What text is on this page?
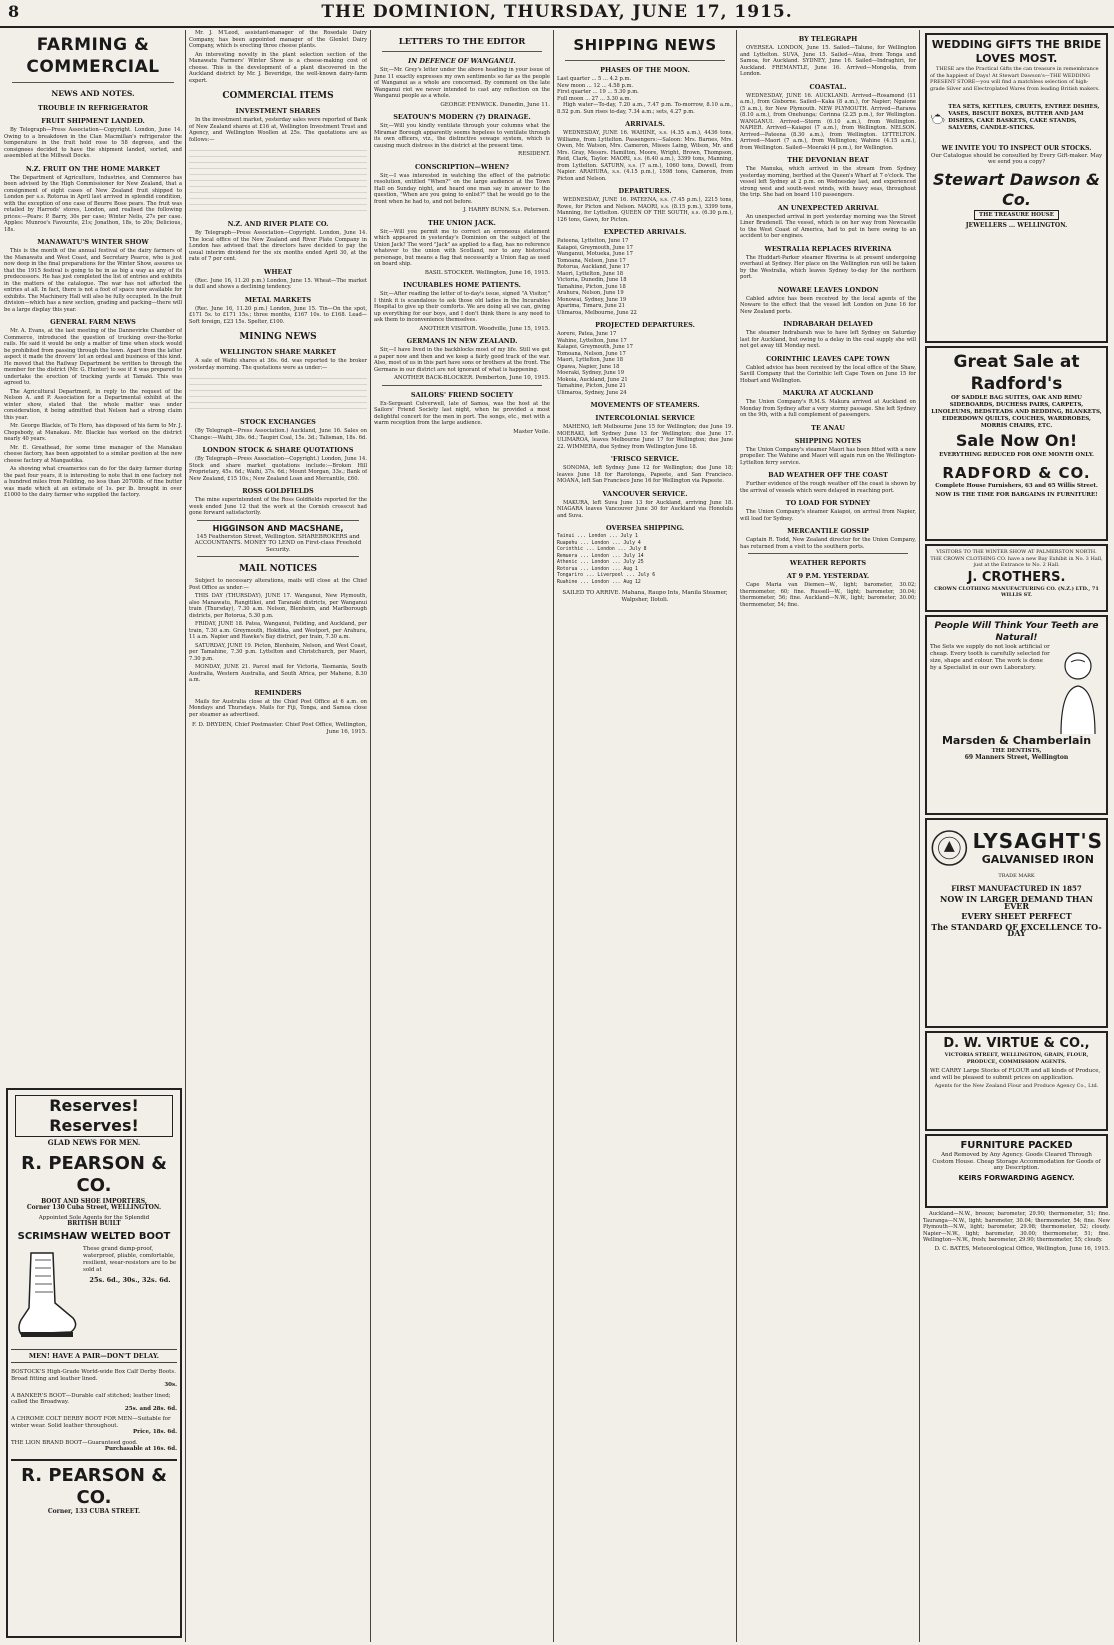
8	THE DOMINION, THURSDAY, JUNE 17, 1915.
FARMING & COMMERCIAL
NEWS AND NOTES.
TROUBLE IN REFRIGERATOR
FRUIT SHIPMENT LANDED.

By Telegraph—Press Association—Copyright. London, June 14. Owing to a breakdown in the Clan Macmillan's refrigerator the temperature in the fruit hold rose to 58 degrees, and the consignees decided to have the shipment landed, sorted, and assembled at the Millwall Docks.

N.Z. FRUIT ON THE HOME MARKET

The Department of Agriculture, Industries, and Commerce has been advised by the High Commissioner for New Zealand, that a consignment of eight cases of New Zealand fruit shipped to London per s.s. Rotorua in April last arrived in splendid condition, with the exception of one case of Beurre Bose pears. The fruit was retailed by Harrods' stores, London, and realised the following prices:—Pears: P. Barry, 30s per case; Winter Nelis, 27s per case. Apples: Munroe's Favourite, 21s; Jonathon, 18s, to 20s; Delicious, 18s.

MANAWATU'S WINTER SHOW

This is the month of the annual festival of the dairy farmers of the Manawatu and West Coast, and Secretary Pearce, who is just now deep in the final preparations for the Winter Show, assures us that the 1915 festival is going to be in as big a way as any of its predecessors. He has just completed the list of entries and exhibits in the matters of the catalogue. The war has not affected the entries at all. In fact, there is not a foot of space now available for exhibits. The Machinery Hall will also be fully occupied. In the fruit division—which has a new section, grading and packing—there will be a large display this year.

GENERAL FARM NEWS

Mr. A. Evans, at the last meeting of the Dannevirke Chamber of Commerce, introduced the question of trucking over-the-Yorke rails. He said it would be only a matter of time when stock would be prohibited from passing through the town. Apart from the latter aspect it made the drovers' lot an ordeal and business of this kind. He moved that the Railway Department be written to through the member for the district (Mr. G. Hunter) to see if it was prepared to undertake the erection of trucking yards at Tamaki. This was agreed to.

The Agricultural Department, in reply to the request of the Nelson A. and P. Association for a Departmental exhibit at the winter show, stated that the whole matter was under consideration, it being admitted that Nelson had a strong claim this year.

Mr. George Blackie, of Te Horo, has disposed of his farm to Mr. J. Chopsbody, at Manakau. Mr. Blackie has worked on the district nearly 40 years.

Mr. E. Greathead, for some time manager of the Manakau cheese factory, has been appointed to a similar position at the new cheese factory at Mangaotika.

As showing what creameries can do for the dairy farmer during the past four years, it is interesting to note that in one factory not a hundred miles from Feilding, no less than 20700lb. of fine butter was made which at an estimate of 1s. per lb. brought in over £1000 to the dairy farmer who supplied the factory.

Reserves! Reserves!
GLAD NEWS FOR MEN.
R. PEARSON & CO.
BOOT AND SHOE IMPORTERS,
Corner 130 Cuba Street, WELLINGTON.
Appointed Sole Agents for the Splendid
BRITISH BUILT
SCRIMSHAW WELTED BOOT
These grand damp-proof, waterproof, pliable, comfortable, resilient, wear-resistors are to be sold at
25s. 6d., 30s., 32s. 6d.
MEN! HAVE A PAIR—DON'T DELAY.
BOSTOCK'S High-Grade World-wide Box Calf Derby Boots. Broad fitting and leather lined.
30s.
A BANKER'S BOOT—Durable calf stitched; leather lined; called the Broadway.
25s. and 28s. 6d.
A CHROME COLT DERBY BOOT FOR MEN—Suitable for winter wear. Solid leather throughout.
Price, 18s. 6d.
THE LION BRAND BOOT—Guaranteed good.
Purchasable at 16s. 6d.
R. PEARSON & CO.
Corner, 133 CUBA STREET.

Mr. J. M'Leod, assistant-manager of the Rosedale Dairy Company, has been appointed manager of the Glenlet Dairy Company, which is erecting three cheese plants.

An interesting novelty in the plant selection section of the Manawatu Farmers' Winter Show is a cheese-making cost of cheese. This is the development of a plant discovered in the Auckland district by Mr. J. Beveridge, the well-known dairy-farm expert.

COMMERCIAL ITEMS
INVESTMENT SHARES

In the investment market, yesterday sales were reported of Bank of New Zealand shares at £16 at, Wellington Investment Trust and Agency, and Wellington Woollen at 25s. The quotations are as follows:—

N.Z. AND RIVER PLATE CO.

By Telegraph—Press Association—Copyright. London, June 14. The local office of the New Zealand and River Plate Company in London has advised that the directors have decided to pay the usual interim dividend for the six months ended April 30, at the rate of 7 per cent.

WHEAT

(Rec. June 16, 11.20 p.m.) London, June 15. Wheat—The market is dull and shows a declining tendency.

METAL MARKETS

(Rec. June 16, 11.20 p.m.) London, June 15. Tin—On the spot, £171 5s. to £171 15s.; three months, £167 10s. to £168. Lead—Soft foreign, £23 15s. Spelter, £100.

MINING NEWS
WELLINGTON SHARE MARKET

A sale of Waihi shares at 36s. 6d. was reported to the broker yesterday morning. The quotations were as under:—

STOCK EXCHANGES

(By Telegraph—Press Association.) Auckland, June 16. Sales on 'Change:—Waihi, 38s. 6d.; Taupiri Coal, 15s. 3d.; Talisman, 18s. 6d.

LONDON STOCK & SHARE QUOTATIONS

(By Telegraph—Press Association—Copyright.) London, June 14. Stock and share market quotations include:—Broken Hill Proprietary, 45s. 6d.; Waihi, 37s. 6d.; Mount Morgan, 33s.; Bank of New Zealand, £15 10s.; New Zealand Loan and Mercantile, £60.

ROSS GOLDFIELDS

The mine superintendent of the Ross Goldfields reported for the week ended June 12 that the work at the Cornish crosscut had gone forward satisfactorily.

HIGGINSON AND MACSHANE,
145 Featherston Street, Wellington. SHAREBROKERS and ACCOUNTANTS. MONEY TO LEND on First-class Freehold Security.
MAIL NOTICES

Subject to necessary alterations, mails will close at the Chief Post Office as under:—

THIS DAY (THURSDAY), JUNE 17. Wanganui, New Plymouth, also Manawatu, Rangitikei, and Taranaki districts, per Wanganui train (Thursday), 7.30 a.m. Nelson, Blenheim, and Marlborough districts, per Rotorua, 5.30 p.m.

FRIDAY, JUNE 18. Patea, Wanganui, Feilding, and Auckland, per train, 7.30 a.m. Greymouth, Hokitika, and Westport, per Arahura, 11 a.m. Napier and Hawke's Bay district, per train, 7.30 a.m.

SATURDAY, JUNE 19. Picton, Blenheim, Nelson, and West Coast, per Tamahine, 7.30 p.m. Lyttelton and Christchurch, per Maori, 7.30 p.m.

MONDAY, JUNE 21. Parcel mail for Victoria, Tasmania, South Australia, Western Australia, and South Africa, per Maheno, 8.30 a.m.

REMINDERS

Mails for Australia close at the Chief Post Office at 6 a.m. on Mondays and Thursdays. Mails for Fiji, Tonga, and Samoa close per steamer as advertised.

F. D. DRYDEN, Chief Postmaster. Chief Post Office, Wellington, June 16, 1915.
LETTERS TO THE EDITOR
IN DEFENCE OF WANGANUI.

Sir,—Mr. Grey's letter under the above heading in your issue of June 11 exactly expresses my own sentiments so far as the people of Wanganui as a whole are concerned. By comment on the late Wanganui riot we never intended to cast any reflection on the Wanganui people as a whole.

GEORGE FENWICK. Dunedin, June 11.
SEATOUN'S MODERN (?) DRAINAGE.

Sir,—Will you kindly ventilate through your columns what the Miramar Borough apparently seems hopeless to ventilate through its own officers, viz., the distinctive sewage system, which is causing much distress in the district at the present time.

RESIDENT.
CONSCRIPTION—WHEN?

Sir,—I was interested in watching the effect of the patriotic resolution, entitled "When?" on the large audience at the Town Hall on Sunday night, and heard one man say in answer to the question, "When are you going to enlist?" that he would go to the front when he had to, and not before.

J. HARRY BUNN. S.s. Petersen.
THE UNION JACK.

Sir,—Will you permit me to correct an erroneous statement which appeared in yesterday's Dominion on the subject of the Union Jack? The word "Jack" as applied to a flag, has no reference whatever to the union with Scotland, nor to any historical personage, but means a flag that necessarily a Union flag as used on board ship.

BASIL STOCKER. Wellington, June 16, 1915.
INCURABLES HOME PATIENTS.

Sir,—After reading the letter of to-day's issue, signed "A Visitor," I think it is scandalous to ask those old ladies in the Incurables Hospital to give up their comforts. We are doing all we can, giving up everything for our boys, and I don't think there is any need to ask them to inconvenience themselves.

ANOTHER VISITOR. Woodville, June 15, 1915.
GERMANS IN NEW ZEALAND.

Sir,—I have lived in the backblocks most of my life. Still we get a paper now and then and we keep a fairly good track of the war. Also, most of us in this part have sons or brothers at the front. The Germans in our district are not ignorant of what is happening.

ANOTHER BACK-BLOCKER. Pemberton, June 10, 1915.
SAILORS' FRIEND SOCIETY

Ex-Sergeant Culverwell, late of Samoa, was the host at the Sailors' Friend Society last night, when he provided a most delightful concert for the men in port. The songs, etc., met with a warm reception from the large audience.

Master Voile.
SHIPPING NEWS
PHASES OF THE MOON.
Last quarter ... 5 ... 4.2 p.m.
New moon ... 12 ... 4.58 p.m.
First quarter ... 19 ... 5.30 p.m.
Full moon ... 27 ... 3.30 a.m.

High water—To-day, 7.20 a.m., 7.47 p.m. To-morrow, 8.10 a.m., 8.52 p.m. Sun rises to-day, 7.34 a.m.; sets, 4.27 p.m.

ARRIVALS.

WEDNESDAY, JUNE 16. WAHINE, s.s. (4.35 a.m.), 4436 tons, Williams, from Lyttelton. Passengers:—Saloon: Mrs. Barnes, Mrs. Owen, Mr. Watson, Mrs. Cameron, Misses Laing, Wilson, Mr. and Mrs. Gray, Messrs. Hamilton, Moore, Wright, Brown, Thompson, Reid, Clark, Taylor. MAORI, s.s. (6.40 a.m.), 3399 tons, Manning, from Lyttelton. SATURN, s.s. (7 a.m.), 1060 tons, Dowell, from Napier. ARAHURA, s.s. (4.15 p.m.), 1598 tons, Cameron, from Picton and Nelson.

DEPARTURES.

WEDNESDAY, JUNE 16. PATEENA, s.s. (7.45 p.m.), 2215 tons, Rowe, for Picton and Nelson. MAORI, s.s. (8.15 p.m.), 3399 tons, Manning, for Lyttelton. QUEEN OF THE SOUTH, s.s. (6.30 p.m.), 126 tons, Gawn, for Picton.

EXPECTED ARRIVALS.
Pateena, Lyttelton, June 17
Kaiapoi, Greymouth, June 17
Wanganui, Motueka, June 17
Tomoana, Nelson, June 17
Rotorua, Auckland, June 17
Maori, Lyttelton, June 18
Victoria, Dunedin, June 18
Tamahine, Picton, June 18
Arahura, Nelson, June 19
Monowai, Sydney, June 19
Aparima, Timaru, June 21
Ulimaroa, Melbourne, June 22
PROJECTED DEPARTURES.
Aorere, Patea, June 17
Wahine, Lyttelton, June 17
Kaiapoi, Greymouth, June 17
Tomoana, Nelson, June 17
Maori, Lyttelton, June 18
Opawa, Napier, June 18
Moeraki, Sydney, June 19
Mokoia, Auckland, June 21
Tamahine, Picton, June 21
Ulimaroa, Sydney, June 24
MOVEMENTS OF STEAMERS.
INTERCOLONIAL SERVICE

MAHENO, left Melbourne June 15 for Wellington; due June 19. MOERAKI, left Sydney June 13 for Wellington; due June 17. ULIMAROA, leaves Melbourne June 17 for Wellington; due June 22. WIMMERA, due Sydney from Wellington June 18.

'FRISCO SERVICE.

SONOMA, left Sydney June 12 for Wellington; due June 18; leaves June 18 for Rarotonga, Papeete, and San Francisco. MOANA, left San Francisco June 16 for Wellington via Papeete.

VANCOUVER SERVICE.

MAKURA, left Suva June 13 for Auckland, arriving June 18. NIAGARA leaves Vancouver June 30 for Auckland via Honolulu and Suva.

OVERSEA SHIPPING.
Tainui ... London ... July 1
Ruapehu ... London ... July 4
Corinthic ... London ... July 8
Remuera ... London ... July 14
Athenic ... London ... July 25
Rotorua ... London ... Aug 1
Tongariro ... Liverpool ... July 6
Ruahine ... London ... Aug 12
SAILED TO ARRIVE. Mahana, Raupo Ints, Manila Steamer, Walpsher, Ilotoli.
BY TELEGRAPH

OVERSEA. LONDON, June 15. Sailed—Talune, for Wellington and Lyttelton. SUVA, June 15. Sailed—Atua, from Tonga and Samoa, for Auckland. SYDNEY, June 16. Sailed—Indraghiri, for Auckland. FREMANTLE, June 16. Arrived—Mongolia, from London.

COASTAL.

WEDNESDAY, JUNE 16. AUCKLAND. Arrived—Rosamond (11 a.m.), from Gisborne. Sailed—Kaka (8 a.m.), for Napier; Ngaione (5 a.m.), for New Plymouth. NEW PLYMOUTH. Arrived—Rarawa (8.10 a.m.), from Onehunga; Corinna (2.25 p.m.), for Wellington. WANGANUI. Arrived—Storm (6.10 a.m.), from Wellington. NAPIER. Arrived—Kaiapoi (7 a.m.), from Wellington. NELSON. Arrived—Pateena (8.30 a.m.), from Wellington. LYTTELTON. Arrived—Maori (7 a.m.), from Wellington; Wahine (4.15 a.m.), from Wellington. Sailed—Moeraki (4 p.m.), for Wellington.

THE DEVONIAN BEAT

The Manuka, which arrived in the stream from Sydney yesterday morning, berthed at the Queen's Wharf at 7 o'clock. The vessel left Sydney at 2 p.m. on Wednesday last, and experienced strong west and south-west winds, with heavy seas, throughout the trip. She had on board 110 passengers.

AN UNEXPECTED ARRIVAL

An unexpected arrival in port yesterday morning was the Street Liner Brudenell. The vessel, which is on her way from Newcastle to the West Coast of America, had to put in here owing to an accident to her engines.

WESTRALIA REPLACES RIVERINA

The Huddart-Parker steamer Riverina is at present undergoing overhaul at Sydney. Her place on the Wellington run will be taken by the Westralia, which leaves Sydney to-day for the northern port.

NOWARE LEAVES LONDON

Cabled advice has been received by the local agents of the Noware to the effect that the vessel left London on June 16 for New Zealand ports.

INDRABARAH DELAYED

The steamer Indrabarah was to have left Sydney on Saturday last for Auckland, but owing to a delay in the coal supply she will not get away till Monday next.

CORINTHIC LEAVES CAPE TOWN

Cabled advice has been received by the local office of the Shaw, Savill Company that the Corinthic left Cape Town on June 15 for Hobart and Wellington.

MAKURA AT AUCKLAND

The Union Company's R.M.S. Makura arrived at Auckland on Monday from Sydney after a very stormy passage. She left Sydney on the 9th, with a full complement of passengers.

TE ANAU
SHIPPING NOTES

The Union Company's steamer Maori has been fitted with a new propeller. The Wahine and Maori will again run on the Wellington-Lyttelton ferry service.

BAD WEATHER OFF THE COAST

Further evidence of the rough weather off the coast is shown by the arrival of vessels which were delayed in reaching port.

TO LOAD FOR SYDNEY

The Union Company's steamer Kaiapoi, on arrival from Napier, will load for Sydney.

MERCANTILE GOSSIP

Captain R. Todd, New Zealand director for the Union Company, has returned from a visit to the southern ports.

WEATHER REPORTS
AT 9 P.M. YESTERDAY.

Cape Maria van Diemen—W., light; barometer, 30.02; thermometer, 60; fine. Russell—W., light; barometer, 30.04; thermometer, 56; fine. Auckland—N.W., light; barometer, 30.00; thermometer, 54; fine.

WEDDING GIFTS THE BRIDE LOVES MOST.

THESE are the Practical Gifts the can treasure in remembrance of the happiest of Days! At Stewart Dawson's—THE WEDDING PRESENT STORE—you will find a matchless selection of high-grade Silver and Electroplated Wares from leading British makers.

TEA SETS, KETTLES, CRUETS, ENTREE DISHES, VASES, BISCUIT BOXES, BUTTER AND JAM DISHES, CAKE BASKETS, CAKE STANDS, SALVERS, CANDLE-STICKS.
WE INVITE YOU TO INSPECT OUR STOCKS.
Our Catalogue should be consulted by Every Gift-maker. May we send you a copy?
Stewart Dawson & Co.
THE TREASURE HOUSE
JEWELLERS ... WELLINGTON.
Great Sale at Radford's
OF SADDLE BAG SUITES, OAK AND RIMU SIDEBOARDS, DUCHESS PAIRS, CARPETS, LINOLEUMS, BEDSTEADS AND BEDDING, BLANKETS, EIDERDOWN QUILTS, COUCHES, WARDROBES, MORRIS CHAIRS, ETC.
Sale Now On!
EVERYTHING REDUCED FOR ONE MONTH ONLY.
RADFORD & CO.
Complete House Furnishers, 63 and 65 Willis Street.
NOW IS THE TIME FOR BARGAINS IN FURNITURE!
VISITORS TO THE WINTER SHOW AT PALMERSTON NORTH. THE CROWN CLOTHING CO. have a new Bay Exhibit in No. 3 Hall, just at the Entrance to No. 2 Hall.
J. CROTHERS.
CROWN CLOTHING MANUFACTURING CO. (N.Z.) LTD., 71 WILLIS ST.
People Will Think Your Teeth are Natural!
The Sets we supply do not look artificial or cheap. Every tooth is carefully selected for size, shape and colour. The work is done by a Specialist in our own Laboratory.
Marsden & Chamberlain
THE DENTISTS,
69 Manners Street, Wellington
LYSAGHT'S
GALVANISED IRON
TRADE MARK
FIRST MANUFACTURED IN 1857
NOW IN LARGER DEMAND THAN EVER
EVERY SHEET PERFECT
The STANDARD OF EXCELLENCE TO-DAY
D. W. VIRTUE & CO.,
VICTORIA STREET, WELLINGTON, GRAIN, FLOUR, PRODUCE, COMMISSION AGENTS.
WE CARRY Large Stocks of FLOUR and all kinds of Produce, and will be pleased to submit prices on application.
Agents for the New Zealand Flour and Produce Agency Co., Ltd.
FURNITURE PACKED
And Removed by Any Agency. Goods Cleared Through Custom House. Cheap Storage Accommodation for Goods of any Description.
KEIRS FORWARDING AGENCY.

Auckland—N.W., breeze; barometer, 29.90; thermometer, 51; fine. Tauranga—N.W., light; barometer, 30.04; thermometer, 54; fine. New Plymouth—N.W., light; barometer, 29.98; thermometer, 52; cloudy. Napier—N.W., light; barometer, 30.00; thermometer, 51; fine. Wellington—N.W., fresh; barometer, 29.90; thermometer, 55; cloudy.

D. C. BATES, Meteorological Office, Wellington, June 16, 1915.
